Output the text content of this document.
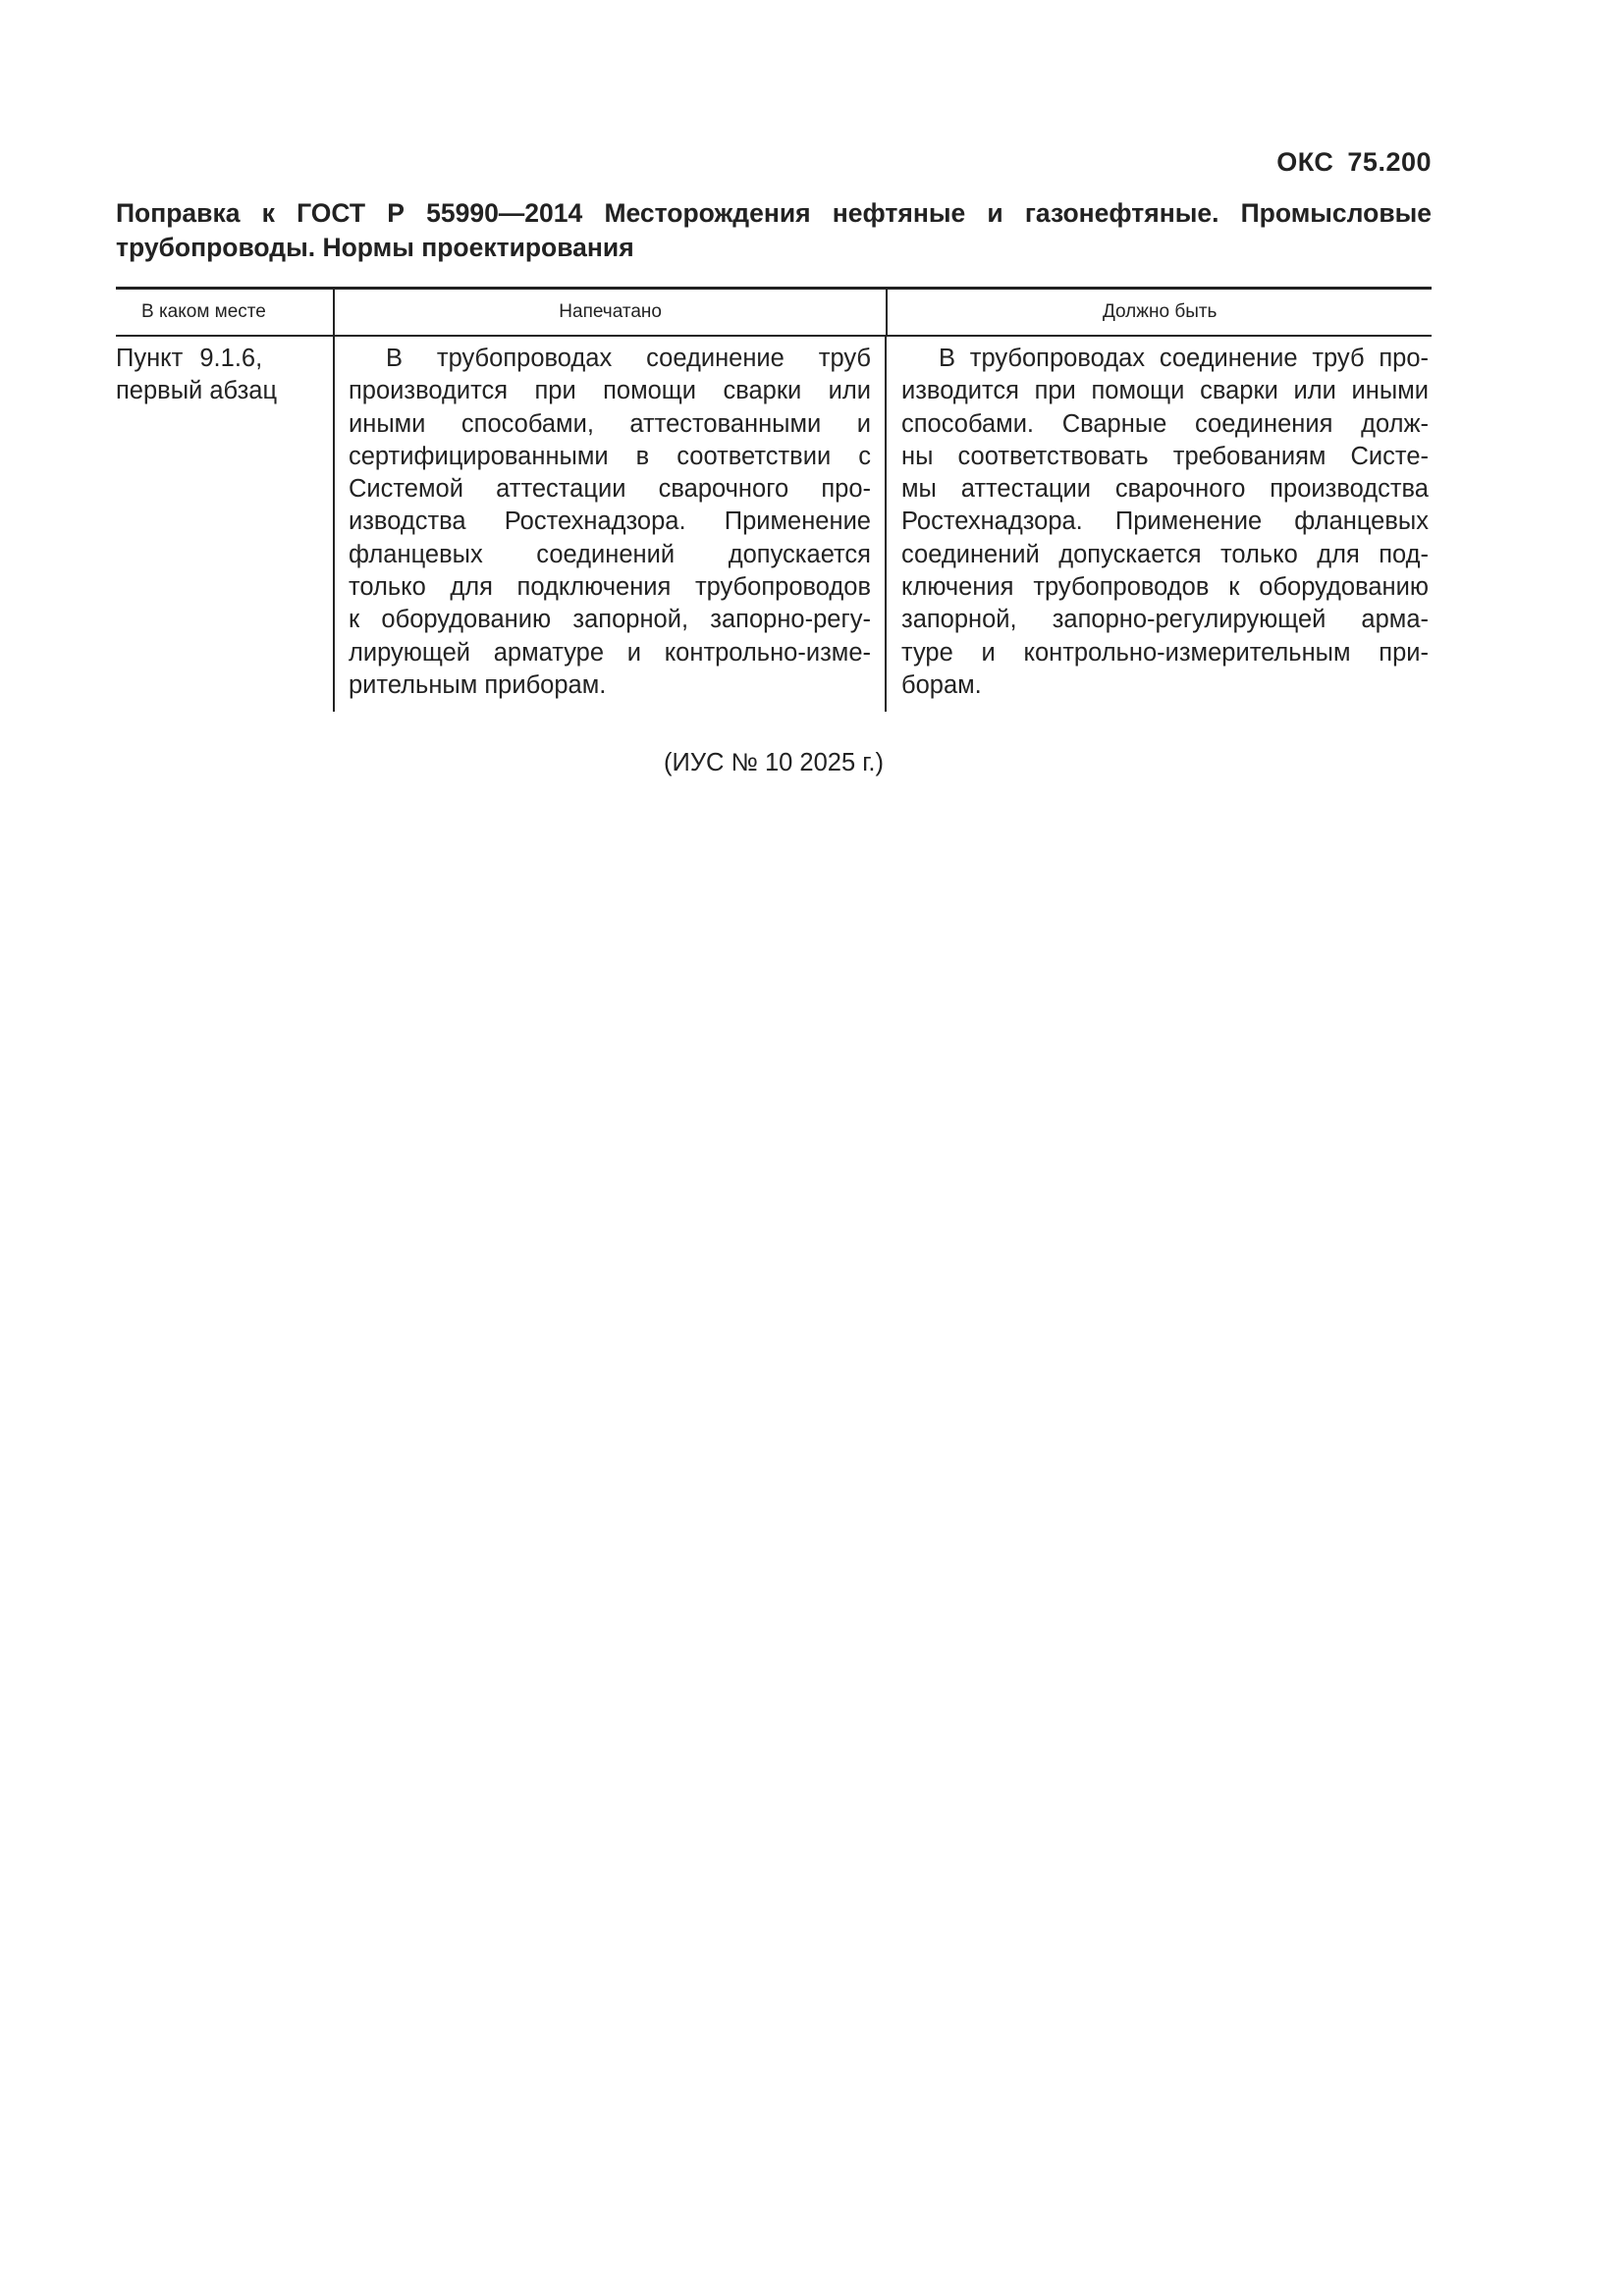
ОКС 75.200
Поправка к ГОСТ Р 55990—2014 Месторождения нефтяные и газонефтяные. Промысловые трубопроводы. Нормы проектирования
В каком месте	Напечатано	Должно быть
Пункт 9.1.6,
первый абзац
В трубопроводах соединение труб
производится при помощи сварки или
иными способами, аттестованными и
сертифицированными в соответствии с
Системой аттестации сварочного про-
изводства Ростехнадзора. Применение
фланцевых соединений допускается
только для подключения трубопроводов
к оборудованию запорной, запорно-регу-
лирующей арматуре и контрольно-изме-
рительным приборам.
В трубопроводах соединение труб про-
изводится при помощи сварки или иными
способами. Сварные соединения долж-
ны соответствовать требованиям Систе-
мы аттестации сварочного производства
Ростехнадзора. Применение фланцевых
соединений допускается только для под-
ключения трубопроводов к оборудованию
запорной, запорно-регулирующей арма-
туре и контрольно-измерительным при-
борам.
(ИУС № 10 2025 г.)
